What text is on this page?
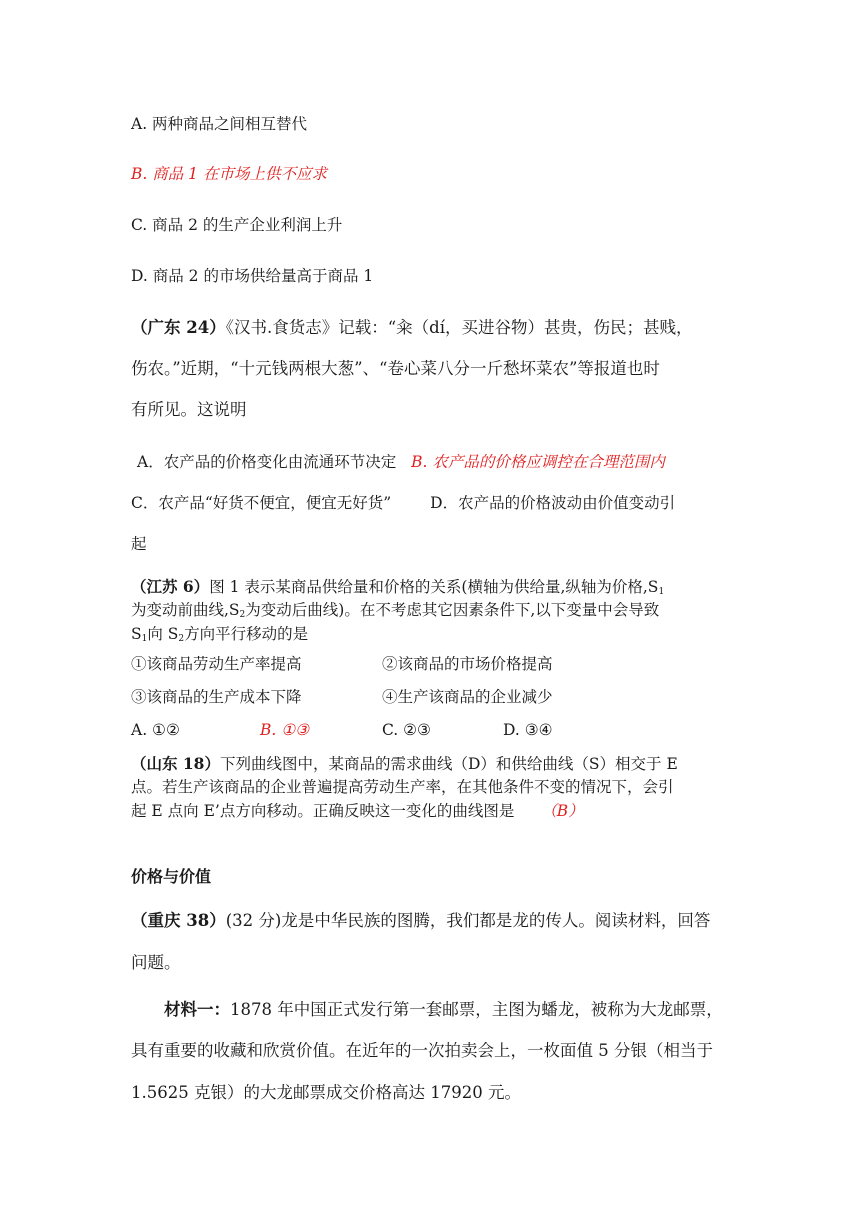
A. 两种商品之间相互替代
B. 商品 1 在市场上供不应求
C. 商品 2 的生产企业利润上升
D. 商品 2 的市场供给量高于商品 1
（广东 24）《汉书.食货志》记载：“籴（dí，买进谷物）甚贵，伤民；甚贱，
伤农。”近期，“十元钱两根大葱”、“卷心菜八分一斤愁坏菜农”等报道也时
有所见。这说明
A．农产品的价格变化由流通环节决定 B. 农产品的价格应调控在合理范围内
C．农产品“好货不便宜，便宜无好货”	D．农产品的价格波动由价值变动引
起
（江苏 6）图 1 表示某商品供给量和价格的关系(横轴为供给量,纵轴为价格$,S_1$
为变动前曲线$,S_2$为变动后曲线)。在不考虑其它因素条件下,以下变量中会导致
$S_1$向 $S_2$方向平行移动的是
①该商品劳动生产率提高	②该商品的市场价格提高
③该商品的生产成本下降	④生产该商品的企业减少
A. ①②	B. ①③	C. ②③	D. ③④
（山东 18）下列曲线图中，某商品的需求曲线（D）和供给曲线（S）相交于 E
点。若生产该商品的企业普遍提高劳动生产率，在其他条件不变的情况下，会引
起 E 点向 E’点方向移动。正确反映这一变化的曲线图是 （B）
价格与价值
（重庆 38）(32 分)龙是中华民族的图腾，我们都是龙的传人。阅读材料，回答
问题。
材料一：1878 年中国正式发行第一套邮票，主图为蟠龙，被称为大龙邮票，
具有重要的收藏和欣赏价值。在近年的一次拍卖会上，一枚面值 5 分银（相当于
1.5625 克银）的大龙邮票成交价格高达 17920 元。
